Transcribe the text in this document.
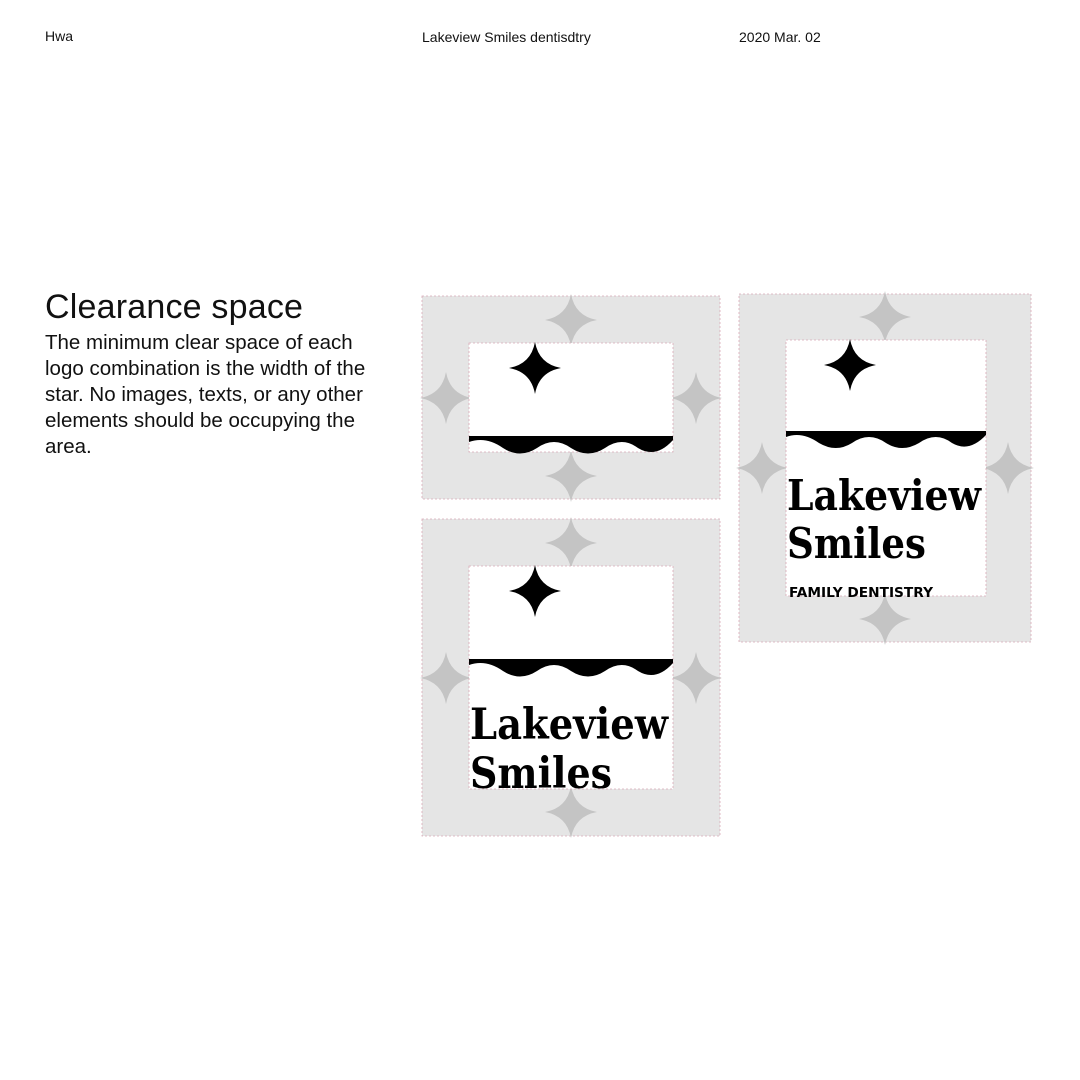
Hwa	Lakeview Smiles dentisdtry	2020 Mar. 02
Clearance space

The minimum clear space of each logo combination is the width of the star. No images, texts, or any other elements should be occupying the area.

Lakeview
Smiles
Lakeview
Smiles
FAMILY DENTISTRY
